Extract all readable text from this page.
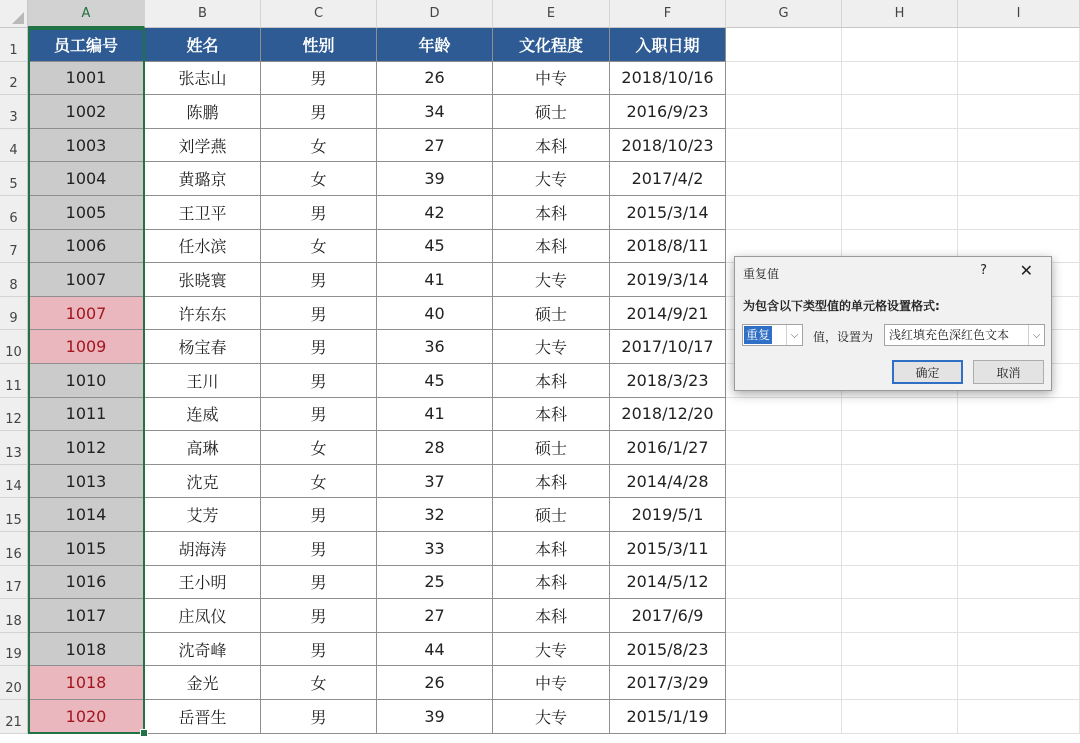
A	B	C	D	E	F	G	H	I
1
2
3
4
5
6
7
8
9
10
11
12
13
14
15
16
17
18
19
20
21
员工编号	姓名	性别	年龄	文化程度	入职日期
1001	张志山	男	26	中专	2018/10/16
1002	陈鹏	男	34	硕士	2016/9/23
1003	刘学燕	女	27	本科	2018/10/23
1004	黄璐京	女	39	大专	2017/4/2
1005	王卫平	男	42	本科	2015/3/14
1006	任水滨	女	45	本科	2018/8/11
1007	张晓寰	男	41	大专	2019/3/14
1007	许东东	男	40	硕士	2014/9/21
1009	杨宝春	男	36	大专	2017/10/17
1010	王川	男	45	本科	2018/3/23
1011	连威	男	41	本科	2018/12/20
1012	高琳	女	28	硕士	2016/1/27
1013	沈克	女	37	本科	2014/4/28
1014	艾芳	男	32	硕士	2019/5/1
1015	胡海涛	男	33	本科	2015/3/11
1016	王小明	男	25	本科	2014/5/12
1017	庄凤仪	男	27	本科	2017/6/9
1018	沈奇峰	男	44	大专	2015/8/23
1018	金光	女	26	中专	2017/3/29
1020	岳晋生	男	39	大专	2015/1/19
重复值	? ✕
为包含以下类型值的单元格设置格式:
重复	⌵	值，设置为 浅红填充色深红色文本	⌵
确定	取消
